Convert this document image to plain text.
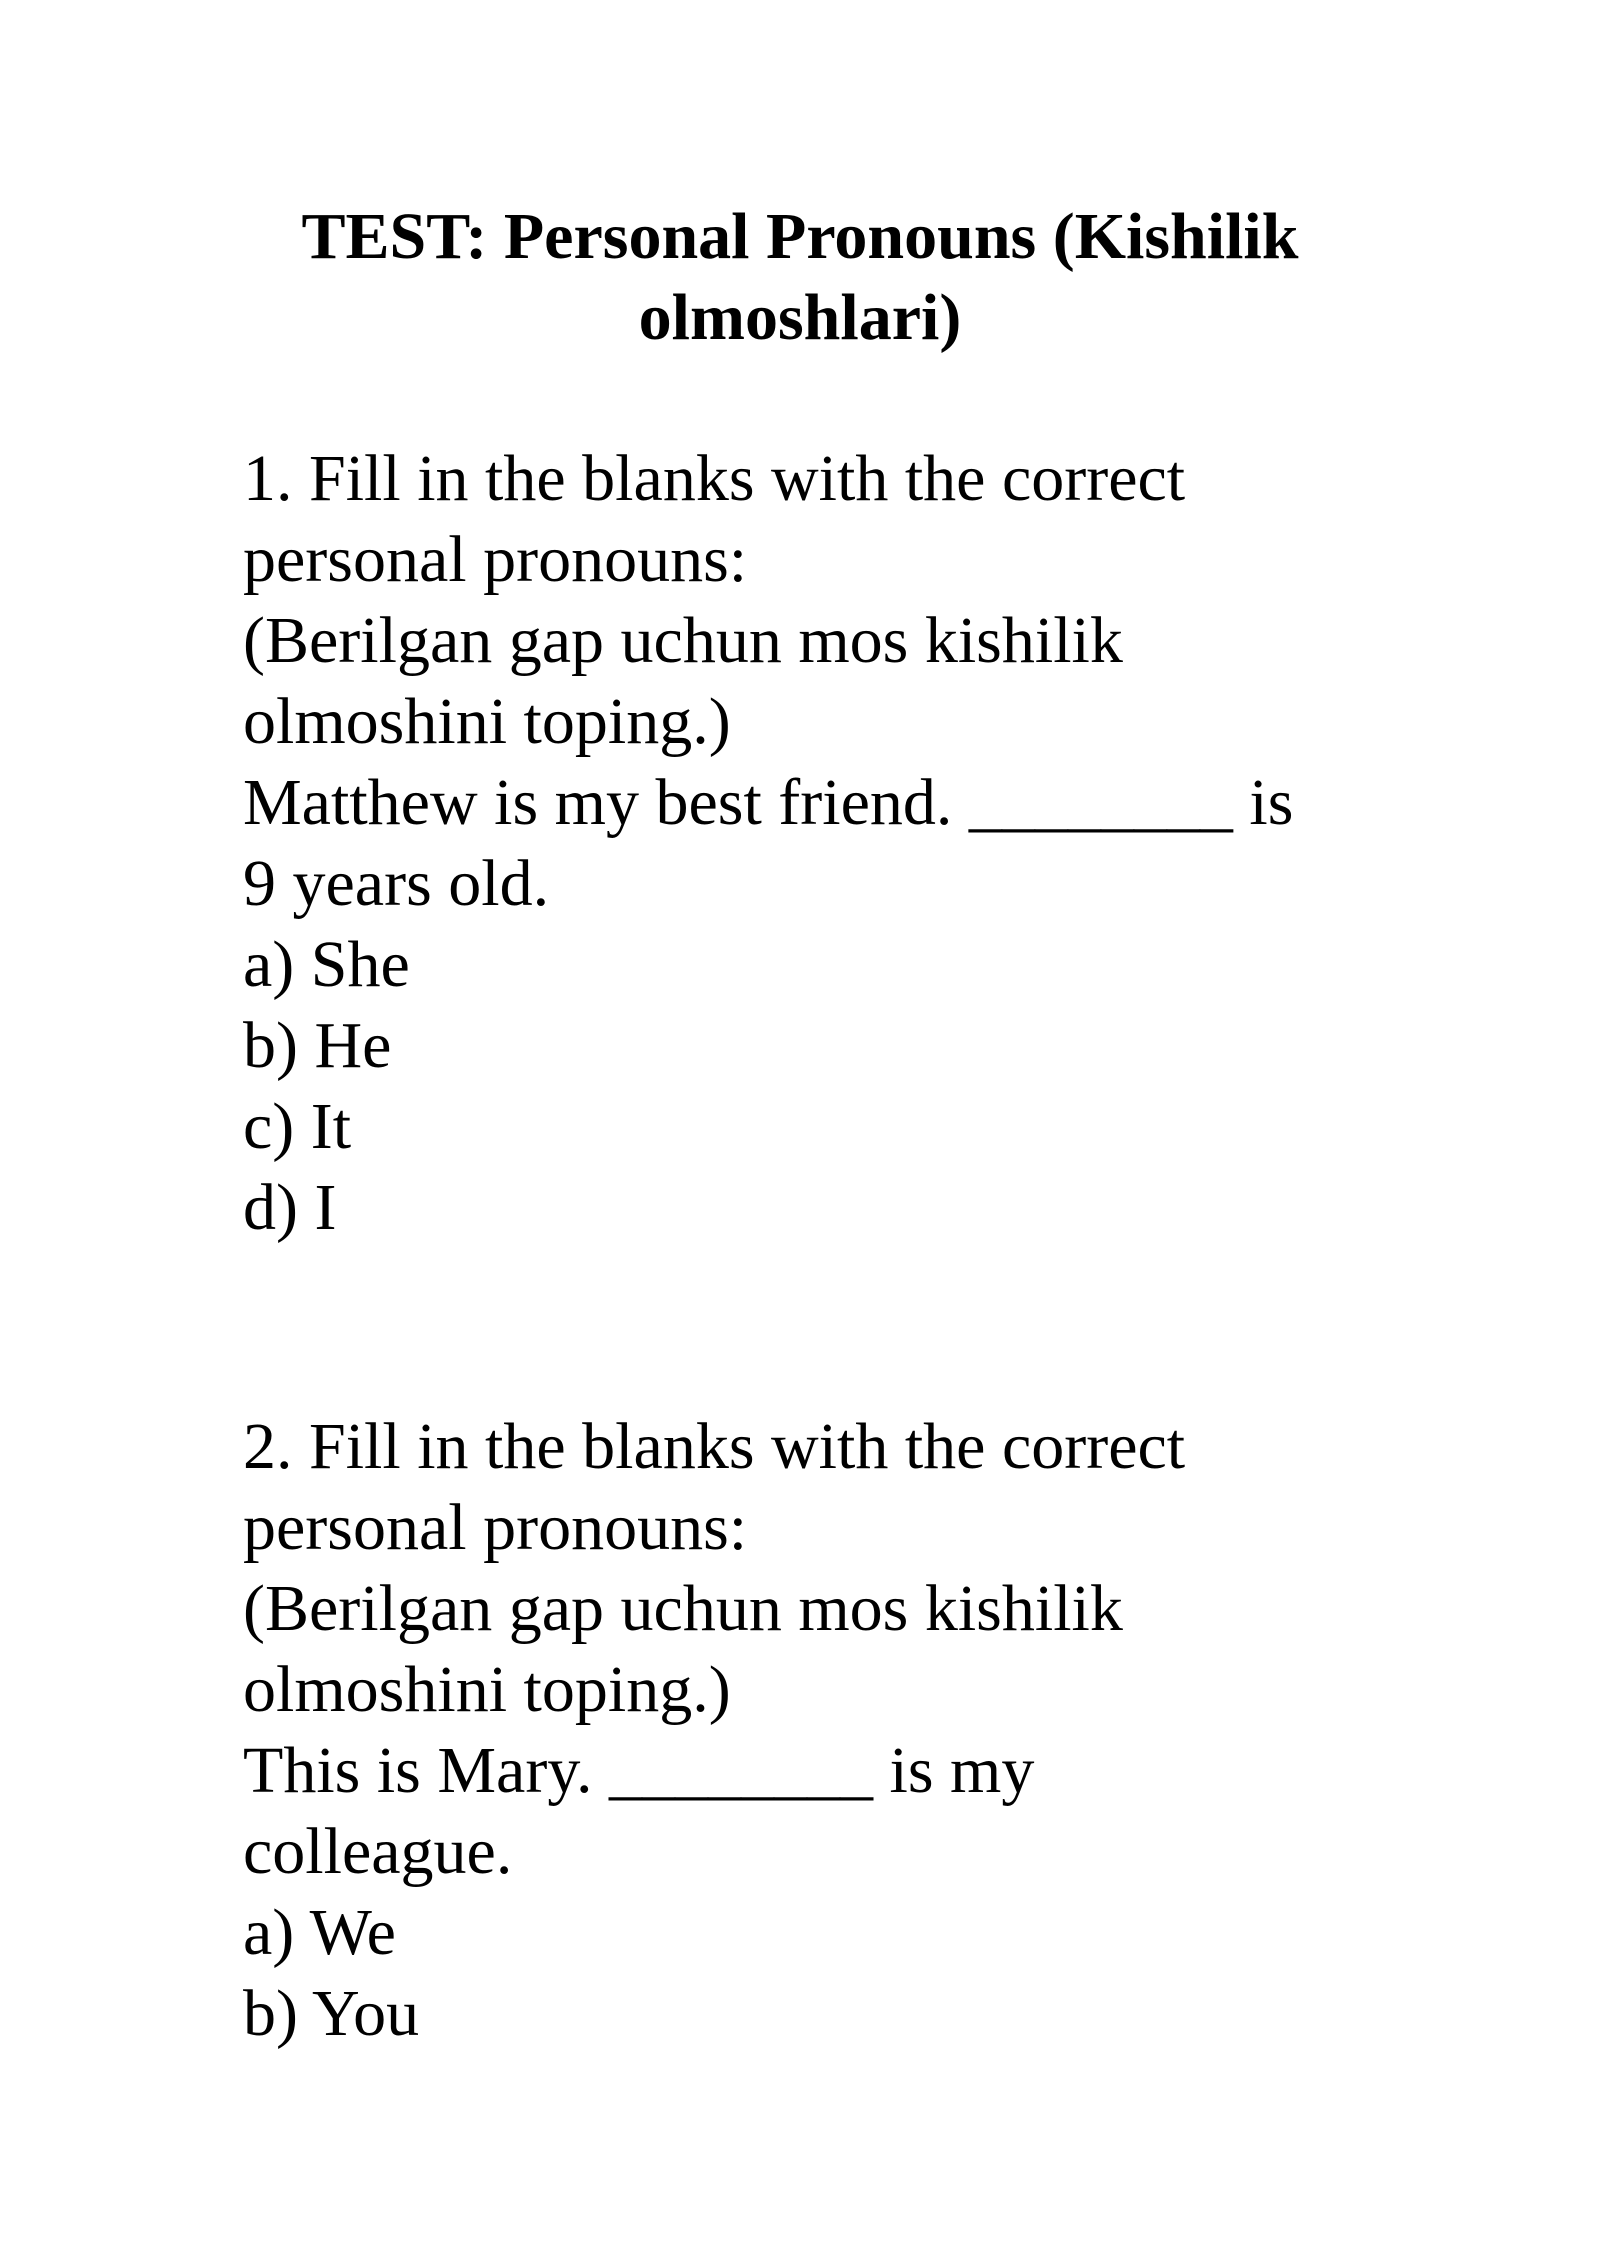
TEST: Personal Pronouns (Kishilik
olmoshlari)
1. Fill in the blanks with the correct
personal pronouns:
(Berilgan gap uchun mos kishilik
olmoshini toping.)
Matthew is my best friend. ________ is
9 years old.
a) She
b) He
c) It
d) I
2. Fill in the blanks with the correct
personal pronouns:
(Berilgan gap uchun mos kishilik
olmoshini toping.)
This is Mary. ________ is my
colleague.
a) We
b) You
